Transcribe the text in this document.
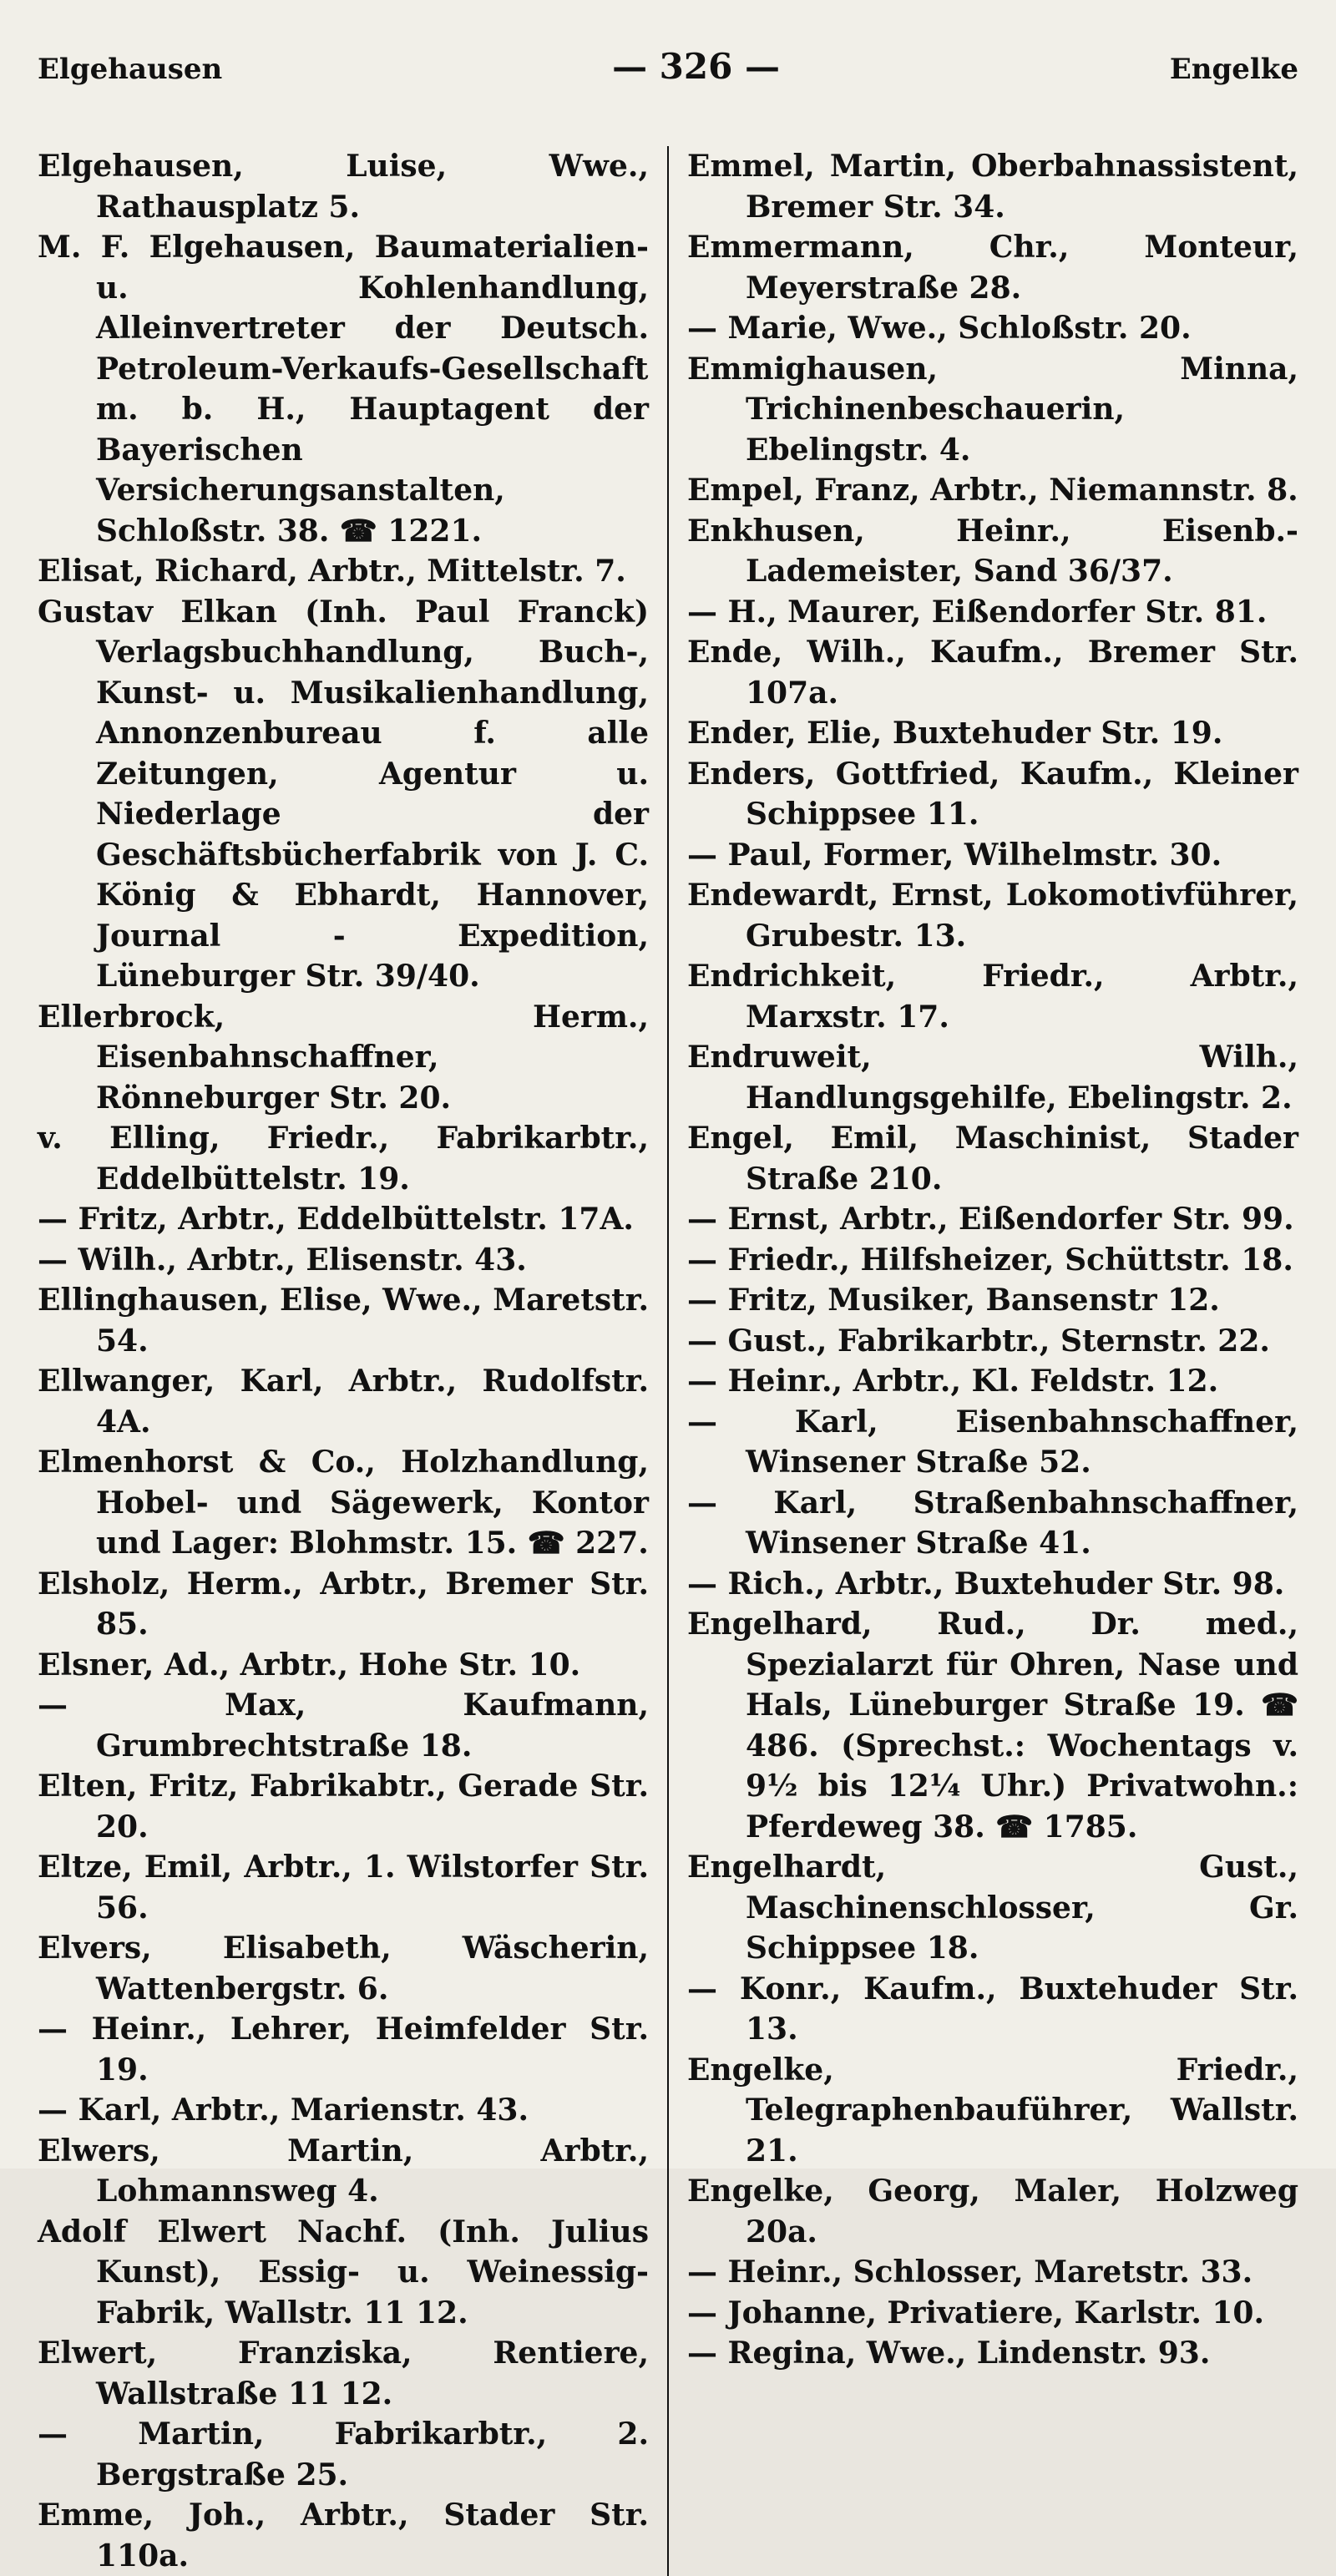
Elgehausen	— 326 —	Engelke
Elgehausen, Luise, Wwe., Rathausplatz 5.
M. F. Elgehausen, Baumaterialien- u. Kohlenhandlung, Alleinvertreter der Deutsch. Petroleum-Verkaufs-Gesellschaft m. b. H., Hauptagent der Bayerischen Versicherungsanstalten, Schloßstr. 38. ☎ 1221.
Elisat, Richard, Arbtr., Mittelstr. 7.
Gustav Elkan (Inh. Paul Franck) Verlagsbuchhandlung, Buch-, Kunst- u. Musikalienhandlung, Annonzenbureau f. alle Zeitungen, Agentur u. Niederlage der Geschäftsbücherfabrik von J. C. König & Ebhardt, Hannover, Journal - Expedition, Lüneburger Str. 39/40.
Ellerbrock, Herm., Eisenbahnschaffner, Rönneburger Str. 20.
v. Elling, Friedr., Fabrikarbtr., Eddelbüttelstr. 19.
— Fritz, Arbtr., Eddelbüttelstr. 17A.
— Wilh., Arbtr., Elisenstr. 43.
Ellinghausen, Elise, Wwe., Maretstr. 54.
Ellwanger, Karl, Arbtr., Rudolfstr. 4A.
Elmenhorst & Co., Holzhandlung, Hobel- und Sägewerk, Kontor und Lager: Blohmstr. 15. ☎ 227.
Elsholz, Herm., Arbtr., Bremer Str. 85.
Elsner, Ad., Arbtr., Hohe Str. 10.
— Max, Kaufmann, Grumbrechtstraße 18.
Elten, Fritz, Fabrikabtr., Gerade Str. 20.
Eltze, Emil, Arbtr., 1. Wilstorfer Str. 56.
Elvers, Elisabeth, Wäscherin, Wattenbergstr. 6.
— Heinr., Lehrer, Heimfelder Str. 19.
— Karl, Arbtr., Marienstr. 43.
Elwers, Martin, Arbtr., Lohmannsweg 4.
Adolf Elwert Nachf. (Inh. Julius Kunst), Essig- u. Weinessig-Fabrik, Wallstr. 11 12.
Elwert, Franziska, Rentiere, Wallstraße 11 12.
— Martin, Fabrikarbtr., 2. Bergstraße 25.
Emme, Joh., Arbtr., Stader Str. 110a.
Emmel, Martin, Oberbahnassistent, Bremer Str. 34.
Emmermann, Chr., Monteur, Meyerstraße 28.
— Marie, Wwe., Schloßstr. 20.
Emmighausen, Minna, Trichinenbeschauerin, Ebelingstr. 4.
Empel, Franz, Arbtr., Niemannstr. 8.
Enkhusen, Heinr., Eisenb.-Lademeister, Sand 36/37.
— H., Maurer, Eißendorfer Str. 81.
Ende, Wilh., Kaufm., Bremer Str. 107a.
Ender, Elie, Buxtehuder Str. 19.
Enders, Gottfried, Kaufm., Kleiner Schippsee 11.
— Paul, Former, Wilhelmstr. 30.
Endewardt, Ernst, Lokomotivführer, Grubestr. 13.
Endrichkeit, Friedr., Arbtr., Marxstr. 17.
Endruweit, Wilh., Handlungsgehilfe, Ebelingstr. 2.
Engel, Emil, Maschinist, Stader Straße 210.
— Ernst, Arbtr., Eißendorfer Str. 99.
— Friedr., Hilfsheizer, Schüttstr. 18.
— Fritz, Musiker, Bansenstr 12.
— Gust., Fabrikarbtr., Sternstr. 22.
— Heinr., Arbtr., Kl. Feldstr. 12.
— Karl, Eisenbahnschaffner, Winsener Straße 52.
— Karl, Straßenbahnschaffner, Winsener Straße 41.
— Rich., Arbtr., Buxtehuder Str. 98.
Engelhard, Rud., Dr. med., Spezialarzt für Ohren, Nase und Hals, Lüneburger Straße 19. ☎ 486. (Sprechst.: Wochentags v. 9½ bis 12¼ Uhr.) Privatwohn.: Pferdeweg 38. ☎ 1785.
Engelhardt, Gust., Maschinenschlosser, Gr. Schippsee 18.
— Konr., Kaufm., Buxtehuder Str. 13.
Engelke, Friedr., Telegraphenbauführer, Wallstr. 21.
Engelke, Georg, Maler, Holzweg 20a.
— Heinr., Schlosser, Maretstr. 33.
— Johanne, Privatiere, Karlstr. 10.
— Regina, Wwe., Lindenstr. 93.
